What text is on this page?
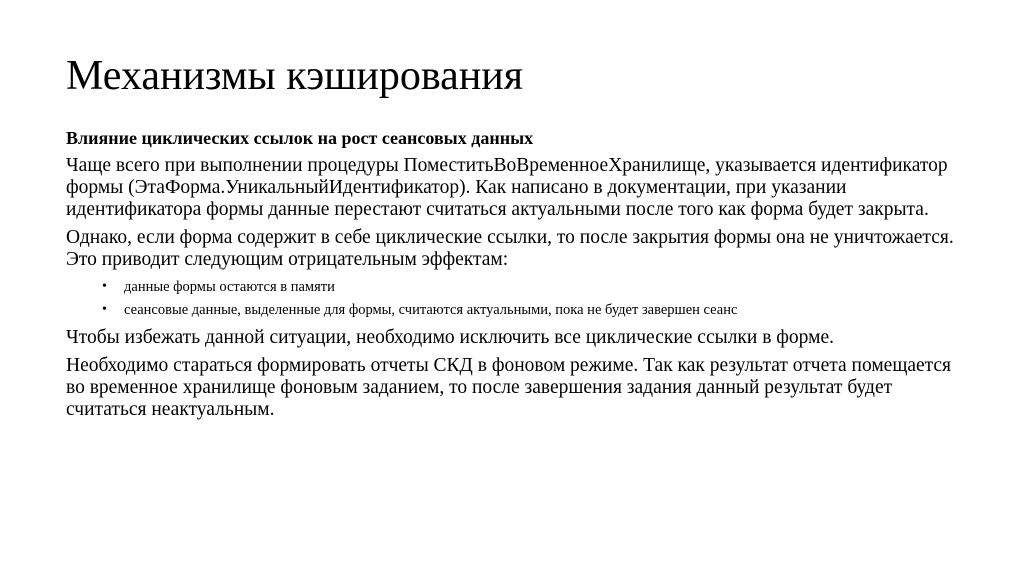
Механизмы кэширования

Влияние циклических ссылок на рост сеансовых данных

Чаще всего при выполнении процедуры ПоместитьВоВременноеХранилище, указывается идентификатор формы (ЭтаФорма.УникальныйИдентификатор). Как написано в документации, при указании идентификатора формы данные перестают считаться актуальными после того как форма будет закрыта.

Однако, если форма содержит в себе циклические ссылки, то после закрытия формы она не уничтожается. Это приводит следующим отрицательным эффектам:

• данные формы остаются в памяти
• сеансовые данные, выделенные для формы, считаются актуальными, пока не будет завершен сеанс

Чтобы избежать данной ситуации, необходимо исключить все циклические ссылки в форме.

Необходимо стараться формировать отчеты СКД в фоновом режиме. Так как результат отчета помещается во временное хранилище фоновым заданием, то после завершения задания данный результат будет считаться неактуальным.
